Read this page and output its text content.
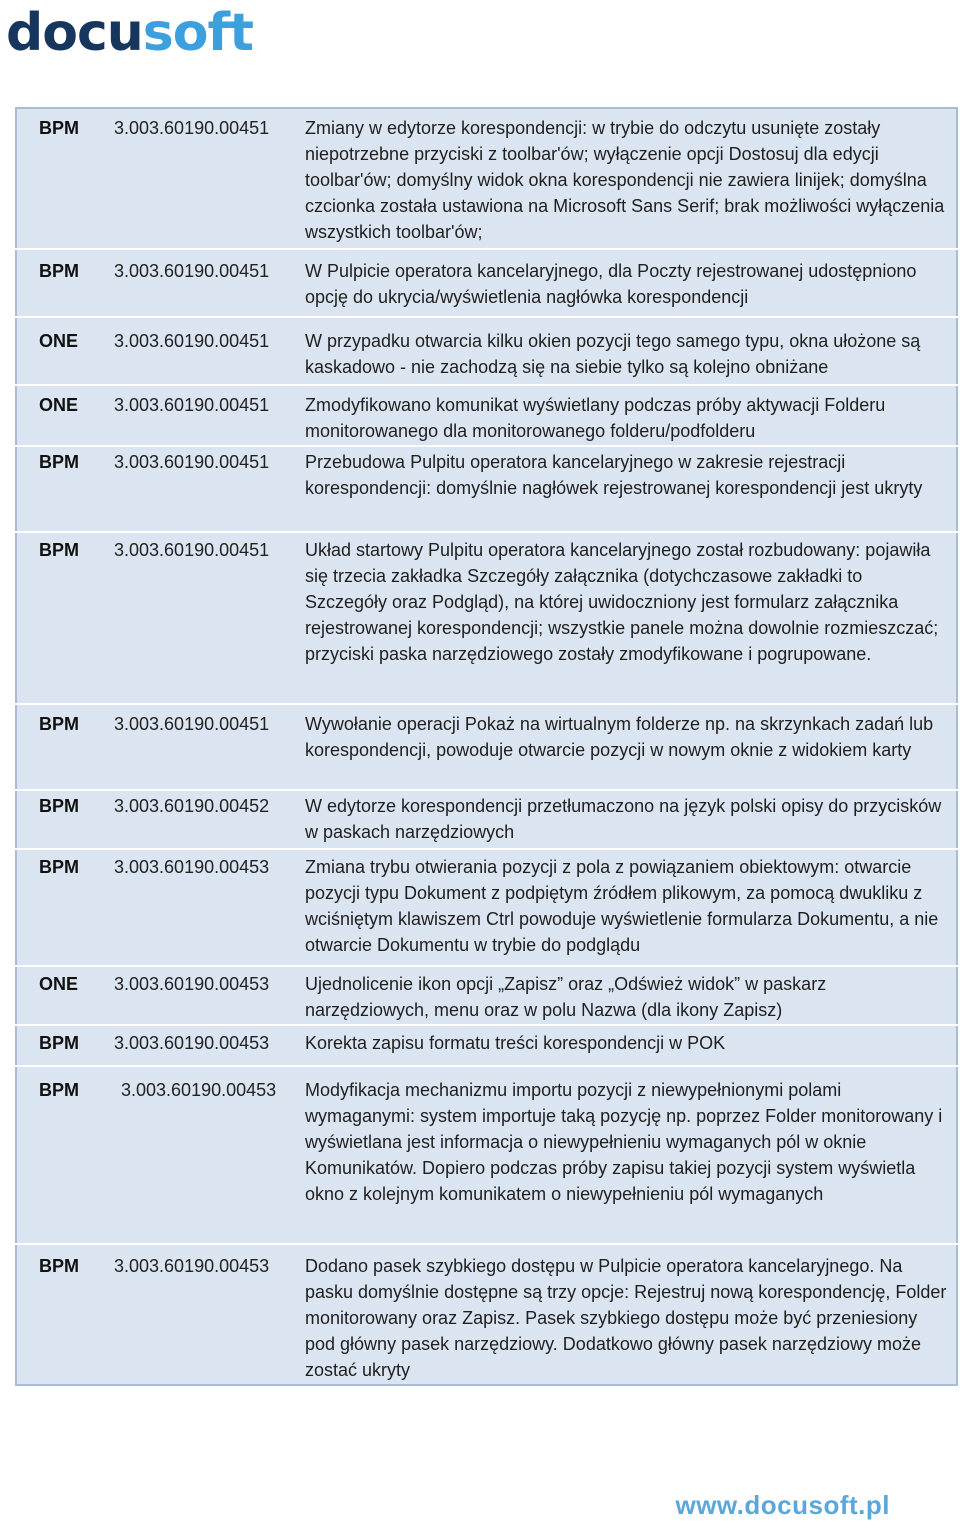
docusoft
BPM	3.003.60190.00451	Zmiany w edytorze korespondencji: w trybie do odczytu usunięte zostały niepotrzebne przyciski z toolbar'ów; wyłączenie opcji Dostosuj dla edycji toolbar'ów; domyślny widok okna korespondencji nie zawiera linijek; domyślna czcionka została ustawiona na Microsoft Sans Serif; brak możliwości wyłączenia wszystkich toolbar'ów;
BPM	3.003.60190.00451	W Pulpicie operatora kancelaryjnego, dla Poczty rejestrowanej udostępniono opcję do ukrycia/wyświetlenia nagłówka korespondencji
ONE	3.003.60190.00451	W przypadku otwarcia kilku okien pozycji tego samego typu, okna ułożone są kaskadowo - nie zachodzą się na siebie tylko są kolejno obniżane
ONE	3.003.60190.00451	Zmodyfikowano komunikat wyświetlany podczas próby aktywacji Folderu monitorowanego dla monitorowanego folderu/podfolderu
BPM	3.003.60190.00451	Przebudowa Pulpitu operatora kancelaryjnego w zakresie rejestracji korespondencji: domyślnie nagłówek rejestrowanej korespondencji jest ukryty
BPM	3.003.60190.00451	Układ startowy Pulpitu operatora kancelaryjnego został rozbudowany: pojawiła się trzecia zakładka Szczegóły załącznika (dotychczasowe zakładki to Szczegóły oraz Podgląd), na której uwidoczniony jest formularz załącznika rejestrowanej korespondencji; wszystkie panele można dowolnie rozmieszczać; przyciski paska narzędziowego zostały zmodyfikowane i pogrupowane.
BPM	3.003.60190.00451	Wywołanie operacji Pokaż na wirtualnym folderze np. na skrzynkach zadań lub korespondencji, powoduje otwarcie pozycji w nowym oknie z widokiem karty
BPM	3.003.60190.00452	W edytorze korespondencji przetłumaczono na język polski opisy do przycisków w paskach narzędziowych
BPM	3.003.60190.00453	Zmiana trybu otwierania pozycji z pola z powiązaniem obiektowym: otwarcie pozycji typu Dokument z podpiętym źródłem plikowym, za pomocą dwukliku z wciśniętym klawiszem Ctrl powoduje wyświetlenie formularza Dokumentu, a nie otwarcie Dokumentu w trybie do podglądu
ONE	3.003.60190.00453	Ujednolicenie ikon opcji „Zapisz” oraz „Odśwież widok” w paskarz narzędziowych, menu oraz w polu Nazwa (dla ikony Zapisz)
BPM	3.003.60190.00453	Korekta zapisu formatu treści korespondencji w POK
BPM	3.003.60190.00453	Modyfikacja mechanizmu importu pozycji z niewypełnionymi polami wymaganymi: system importuje taką pozycję np. poprzez Folder monitorowany i wyświetlana jest informacja o niewypełnieniu wymaganych pól w oknie Komunikatów. Dopiero podczas próby zapisu takiej pozycji system wyświetla okno z kolejnym komunikatem o niewypełnieniu pól wymaganych
BPM	3.003.60190.00453	Dodano pasek szybkiego dostępu w Pulpicie operatora kancelaryjnego. Na pasku domyślnie dostępne są trzy opcje: Rejestruj nową korespondencję, Folder monitorowany oraz Zapisz. Pasek szybkiego dostępu może być przeniesiony pod główny pasek narzędziowy. Dodatkowo główny pasek narzędziowy może zostać ukryty
www.docusoft.pl
